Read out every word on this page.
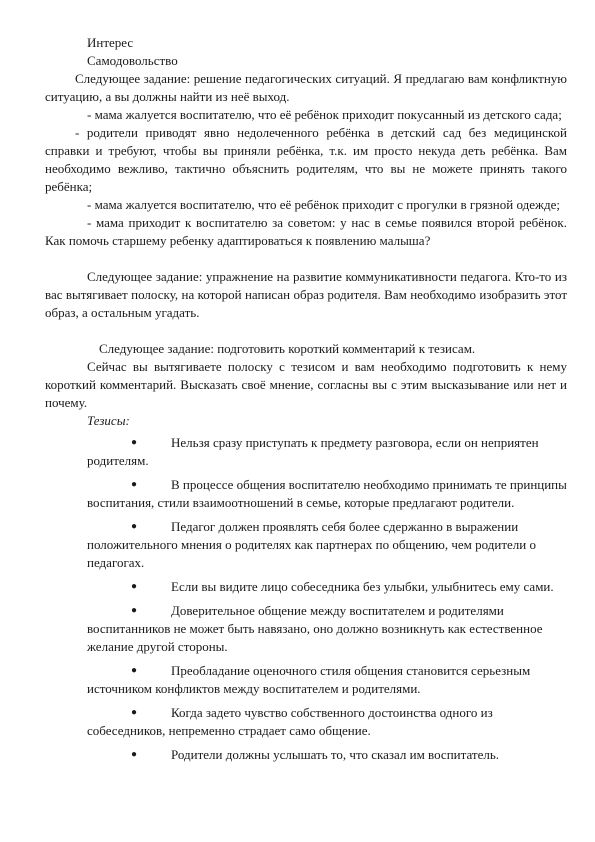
Интерес
Самодовольство

Следующее задание: решение педагогических ситуаций. Я предлагаю вам конфликтную ситуацию, а вы должны найти из неё выход.

- мама жалуется воспитателю, что её ребёнок приходит покусанный из детского сада;

- родители приводят явно недолеченного ребёнка в детский сад без медицинской справки и требуют, чтобы вы приняли ребёнка, т.к. им просто некуда деть ребёнка. Вам необходимо вежливо, тактично объяснить родителям, что вы не можете принять такого ребёнка;

- мама жалуется воспитателю, что её ребёнок приходит с прогулки в грязной одежде;

- мама приходит к воспитателю за советом: у нас в семье появился второй ребёнок. Как помочь старшему ребенку адаптироваться к появлению малыша?

Следующее задание: упражнение на развитие коммуникативности педагога. Кто-то из вас вытягивает полоску, на которой написан образ родителя. Вам необходимо изобразить этот образ, а остальным угадать.

Следующее задание: подготовить короткий комментарий к тезисам.

Сейчас вы вытягиваете полоску с тезисом и вам необходимо подготовить к нему короткий комментарий. Высказать своё мнение, согласны вы с этим высказывание или нет и почему.

Тезисы:
●	Нельзя сразу приступать к предмету разговора, если он неприятен родителям.
●	В процессе общения воспитателю необходимо принимать те принципы воспитания, стили взаимоотношений в семье, которые предлагают родители.
●	Педагог должен проявлять себя более сдержанно в выражении положительного мнения о родителях как партнерах по общению, чем родители о педагогах.
●	Если вы видите лицо собеседника без улыбки, улыбнитесь ему сами.
●	Доверительное общение между воспитателем и родителями воспитанников не может быть навязано, оно должно возникнуть как естественное желание другой стороны.
●	Преобладание оценочного стиля общения становится серьезным источником конфликтов между воспитателем и родителями.
●	Когда задето чувство собственного достоинства одного из собеседников, непременно страдает само общение.
●	Родители должны услышать то, что сказал им воспитатель.
